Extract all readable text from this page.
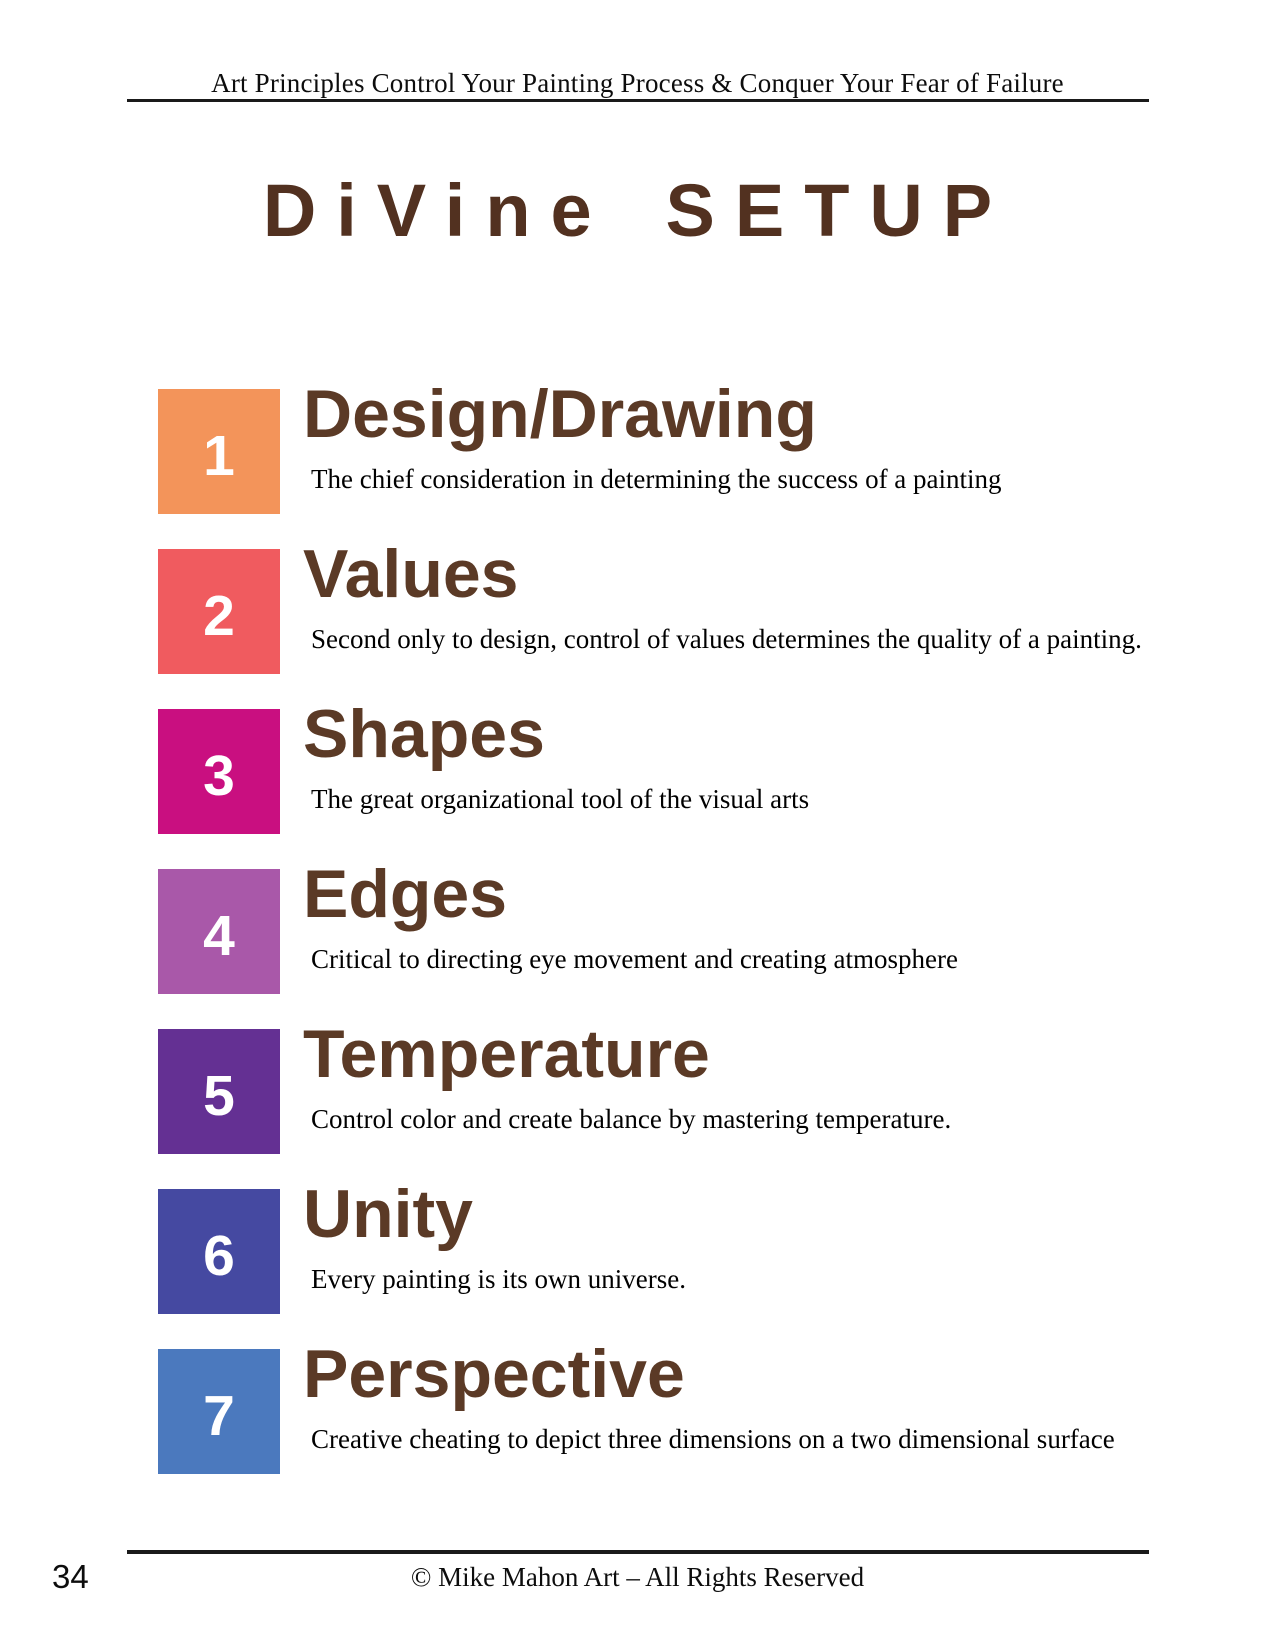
Art Principles Control Your Painting Process & Conquer Your Fear of Failure
DiVine SETUP
1
Design/Drawing
The chief consideration in determining the success of a painting
2
Values
Second only to design, control of values determines the quality of a painting.
3
Shapes
The great organizational tool of the visual arts
4
Edges
Critical to directing eye movement and creating atmosphere
5
Temperature
Control color and create balance by mastering temperature.
6
Unity
Every painting is its own universe.
7
Perspective
Creative cheating to depict three dimensions on a two dimensional surface
© Mike Mahon Art – All Rights Reserved
34
